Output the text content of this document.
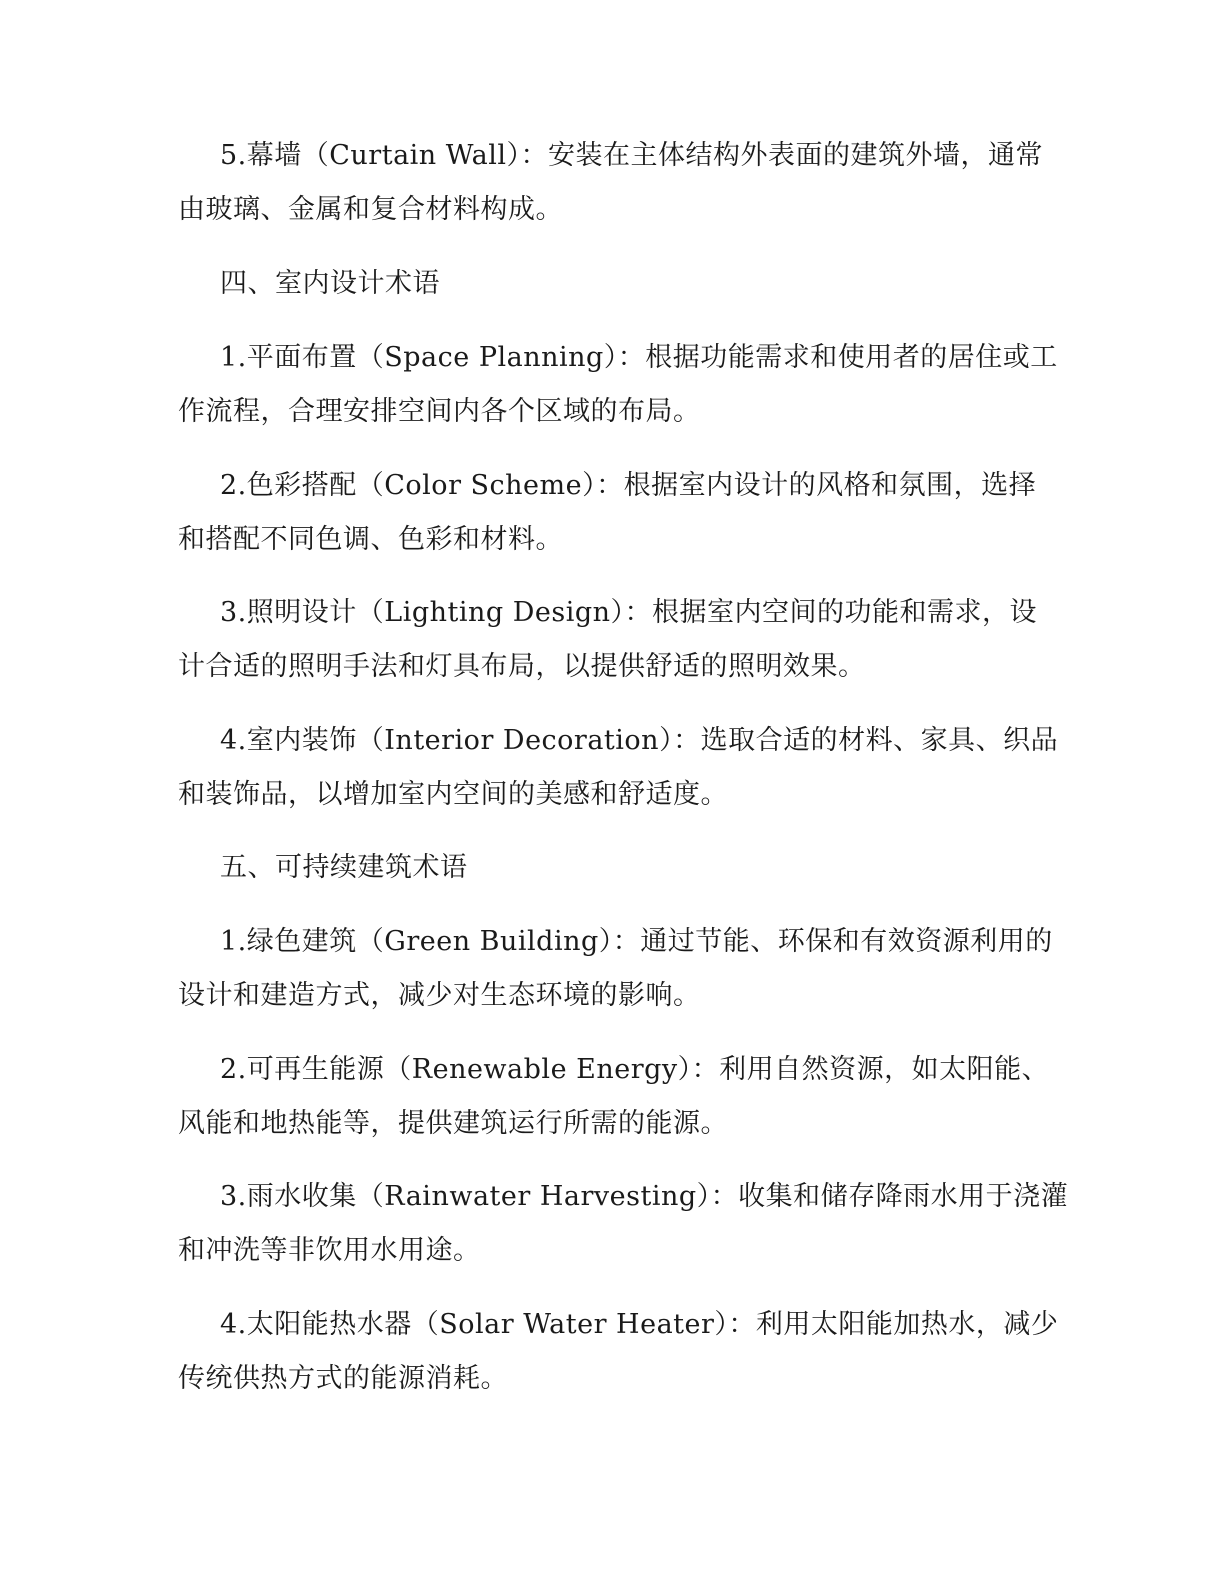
5.幕墙（Curtain Wall）：安装在主体结构外表面的建筑外墙，通常
由玻璃、金属和复合材料构成。
四、室内设计术语
1.平面布置（Space Planning）：根据功能需求和使用者的居住或工
作流程，合理安排空间内各个区域的布局。
2.色彩搭配（Color Scheme）：根据室内设计的风格和氛围，选择
和搭配不同色调、色彩和材料。
3.照明设计（Lighting Design）：根据室内空间的功能和需求，设
计合适的照明手法和灯具布局，以提供舒适的照明效果。
4.室内装饰（Interior Decoration）：选取合适的材料、家具、织品
和装饰品，以增加室内空间的美感和舒适度。
五、可持续建筑术语
1.绿色建筑（Green Building）：通过节能、环保和有效资源利用的
设计和建造方式，减少对生态环境的影响。
2.可再生能源（Renewable Energy）：利用自然资源，如太阳能、
风能和地热能等，提供建筑运行所需的能源。
3.雨水收集（Rainwater Harvesting）：收集和储存降雨水用于浇灌
和冲洗等非饮用水用途。
4.太阳能热水器（Solar Water Heater）：利用太阳能加热水，减少
传统供热方式的能源消耗。
